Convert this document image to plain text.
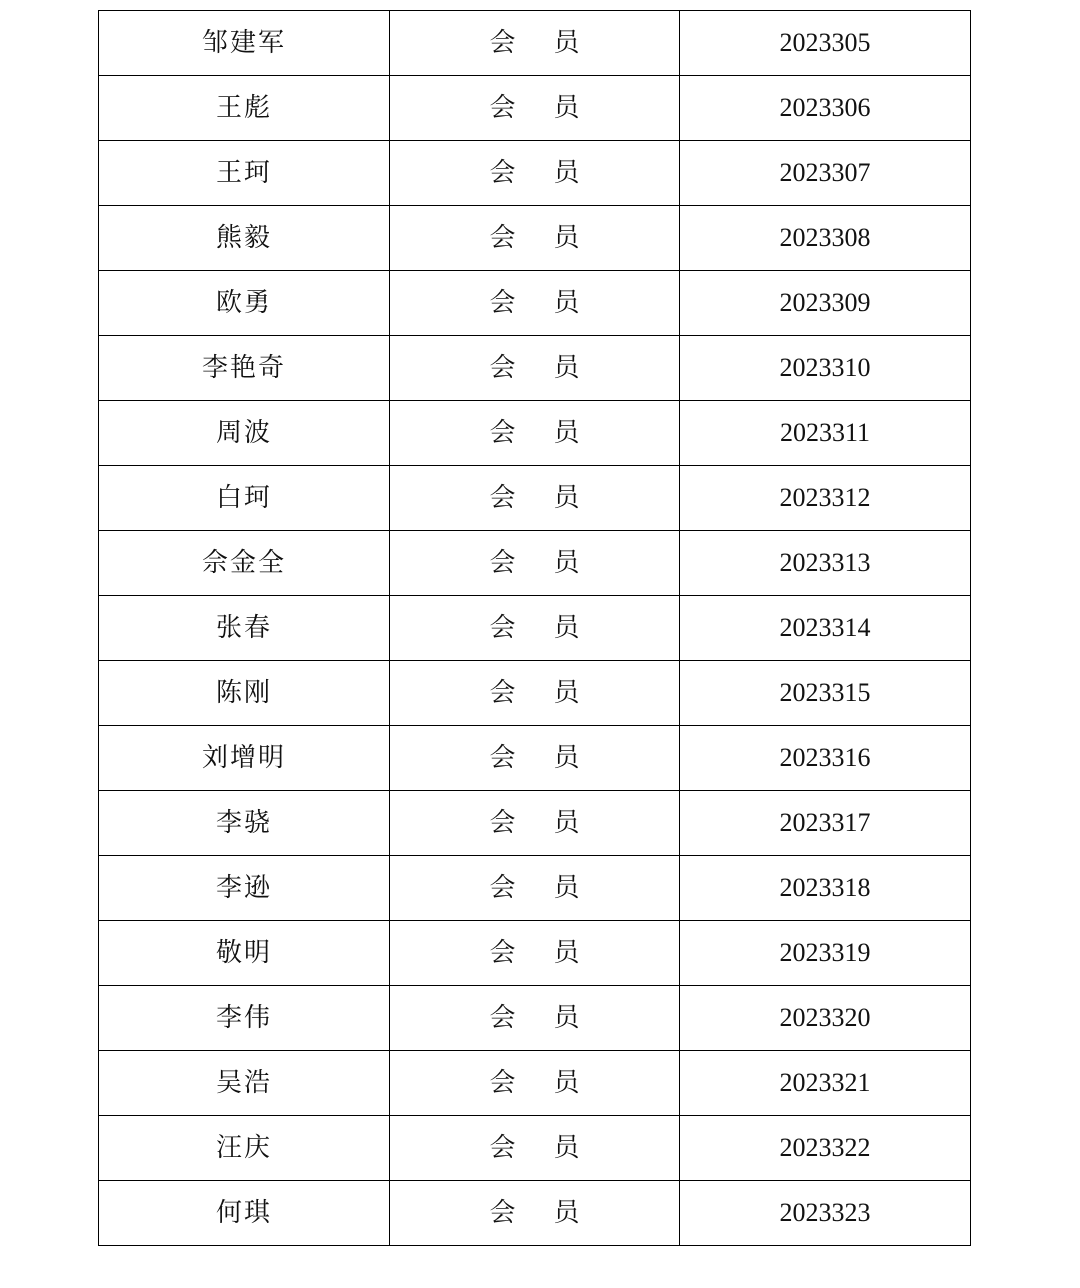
邹建军	会 员	2023305
王彪	会 员	2023306
王珂	会 员	2023307
熊毅	会 员	2023308
欧勇	会 员	2023309
李艳奇	会 员	2023310
周波	会 员	2023311
白珂	会 员	2023312
佘金全	会 员	2023313
张春	会 员	2023314
陈刚	会 员	2023315
刘增明	会 员	2023316
李骁	会 员	2023317
李逊	会 员	2023318
敬明	会 员	2023319
李伟	会 员	2023320
吴浩	会 员	2023321
汪庆	会 员	2023322
何琪	会 员	2023323
